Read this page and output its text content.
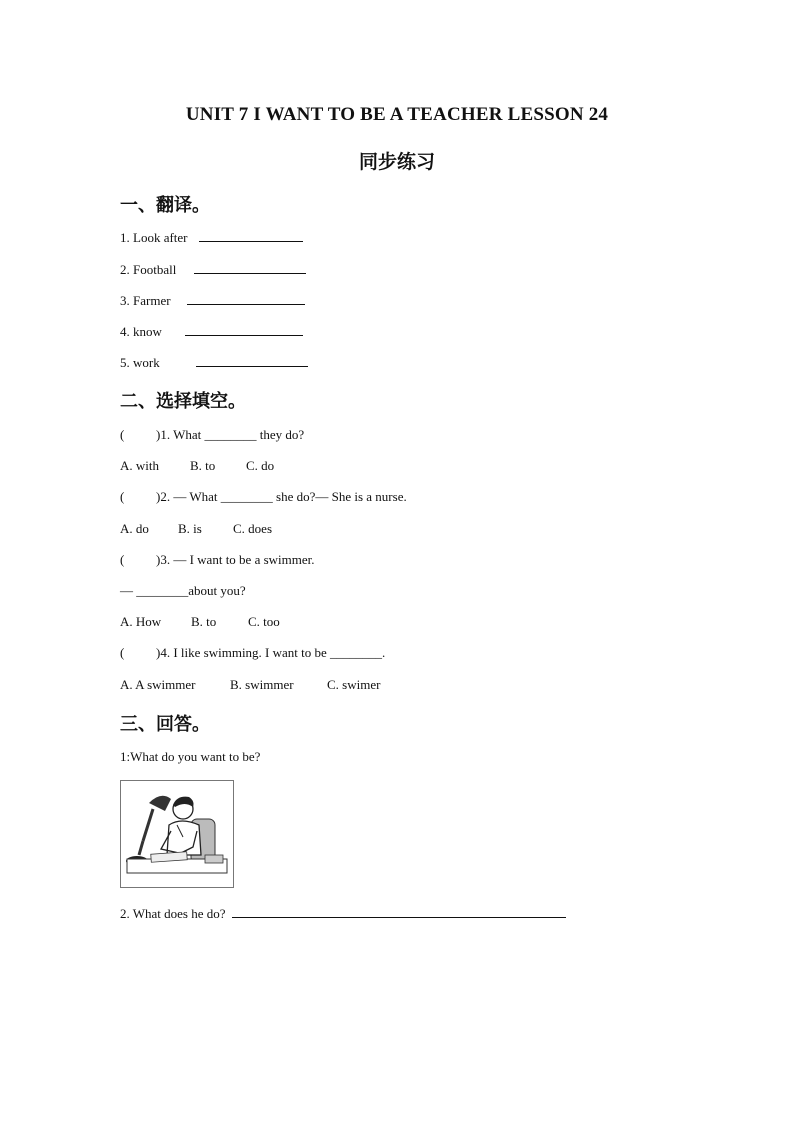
UNIT 7 I WANT TO BE A TEACHER LESSON 24
同步练习
一、翻译。
1. Look after
2. Football
3. Farmer
4. know
5. work
二、选择填空。
( )1. What ________ they do?
A. with B. to C. do
( )2. — What ________ she do?— She is a nurse.
A. do B. is C. does
( )3. — I want to be a swimmer.
— ________about you?
A. How B. to C. too
( )4. I like swimming. I want to be ________.
A. A swimmer	B. swimmer	C. swimer
三、回答。
1:What do you want to be?
2. What does he do?
